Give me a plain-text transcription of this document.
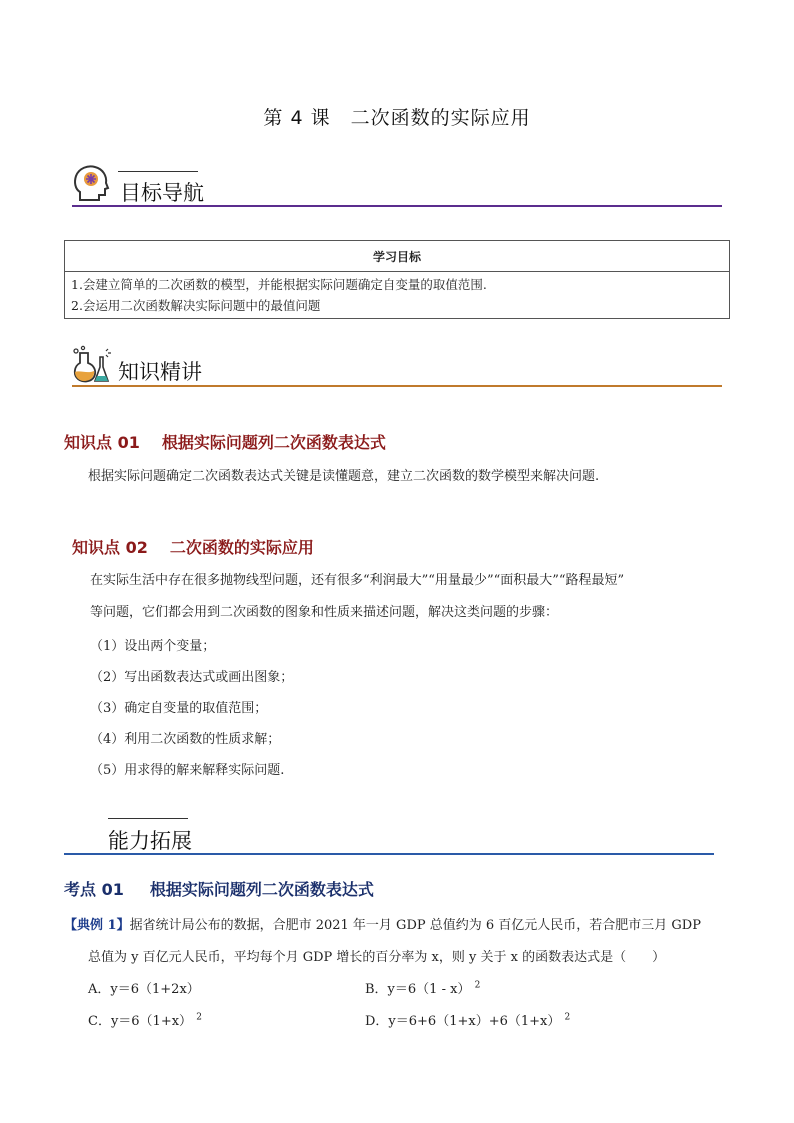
第 4 课　二次函数的实际应用
目标导航
学习目标
1.会建立简单的二次函数的模型，并能根据实际问题确定自变量的取值范围.
2.会运用二次函数解决实际问题中的最值问题
知识精讲
知识点 01 根据实际问题列二次函数表达式
根据实际问题确定二次函数表达式关键是读懂题意，建立二次函数的数学模型来解决问题.
知识点 02 二次函数的实际应用
在实际生活中存在很多抛物线型问题，还有很多“利润最大”“用量最少”“面积最大”“路程最短”
等问题，它们都会用到二次函数的图象和性质来描述问题，解决这类问题的步骤：
（1）设出两个变量；
（2）写出函数表达式或画出图象；
（3）确定自变量的取值范围；
（4）利用二次函数的性质求解；
（5）用求得的解来解释实际问题.
能力拓展
考点 01 根据实际问题列二次函数表达式
【典例 1】据省统计局公布的数据，合肥市 2021 年一月 GDP 总值约为 6 百亿元人民币，若合肥市三月 GDP
总值为 y 百亿元人民币，平均每个月 GDP 增长的百分率为 x，则 y 关于 x 的函数表达式是（　　）
A．y＝6（1+2x）	B．y＝6（1 - x） $^2$
C．y＝6（1+x） $^2$	D．y＝6+6（1+x）+6（1+x） $^2$
